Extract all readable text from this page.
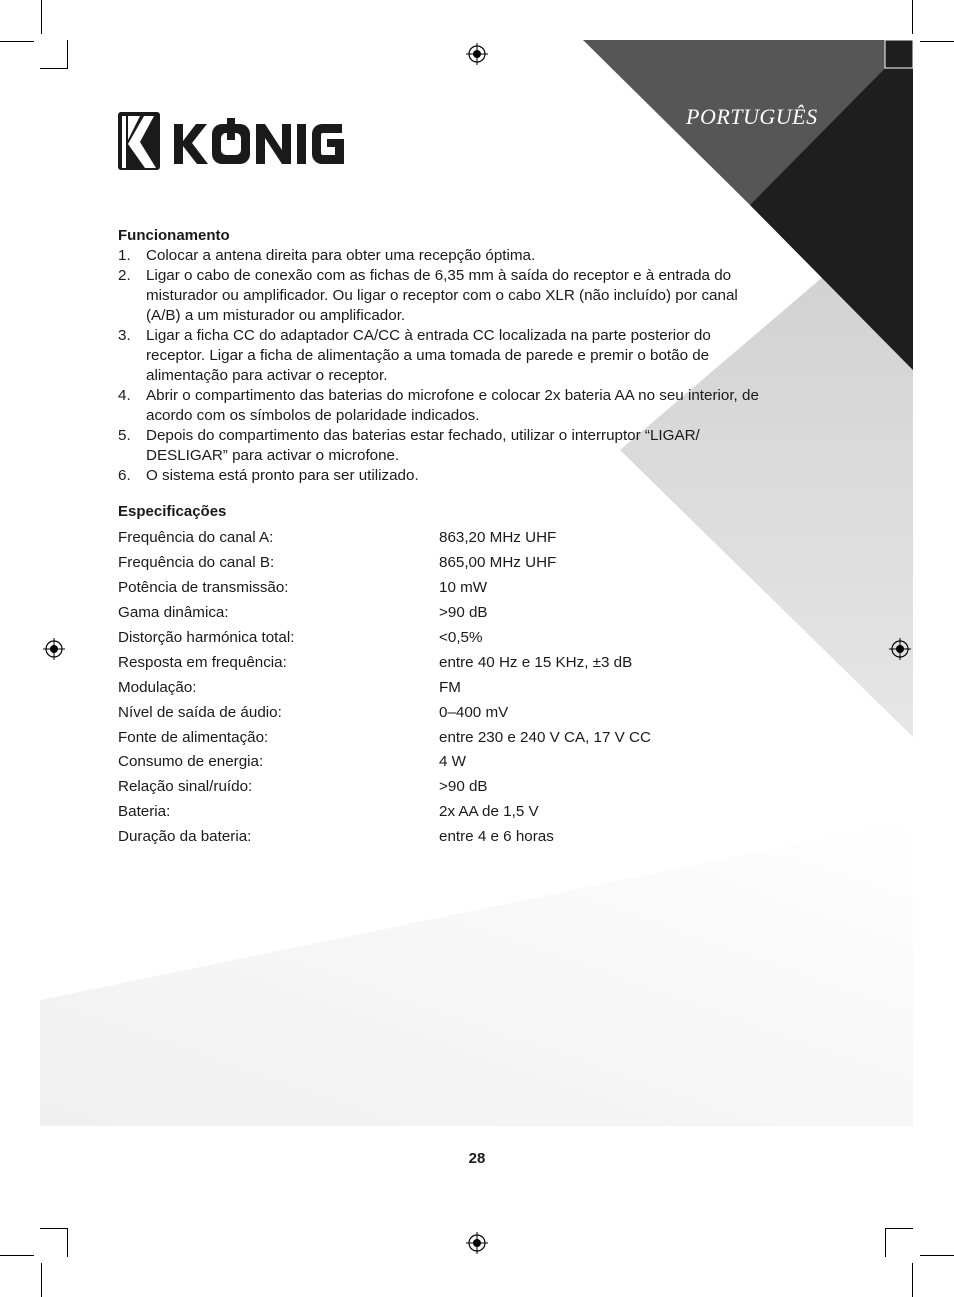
PORTUGUÊS
Funcionamento
1. Colocar a antena direita para obter uma recepção óptima.
2. Ligar o cabo de conexão com as fichas de 6,35 mm à saída do receptor e à entrada do misturador ou amplificador. Ou ligar o receptor com o cabo XLR (não incluído) por canal (A/B) a um misturador ou amplificador.
3. Ligar a ficha CC do adaptador CA/CC à entrada CC localizada na parte posterior do receptor. Ligar a ficha de alimentação a uma tomada de parede e premir o botão de alimentação para activar o receptor.
4. Abrir o compartimento das baterias do microfone e colocar 2x bateria AA no seu interior, de acordo com os símbolos de polaridade indicados.
5. Depois do compartimento das baterias estar fechado, utilizar o interruptor “LIGAR/ DESLIGAR” para activar o microfone.
6. O sistema está pronto para ser utilizado.
Especificações
Frequência do canal A:	863,20 MHz UHF
Frequência do canal B:	865,00 MHz UHF
Potência de transmissão:	10 mW
Gama dinâmica:	>90 dB
Distorção harmónica total:	<0,5%
Resposta em frequência:	entre 40 Hz e 15 KHz, ±3 dB
Modulação:	FM
Nível de saída de áudio:	0–400 mV
Fonte de alimentação:	entre 230 e 240 V CA, 17 V CC
Consumo de energia:	4 W
Relação sinal/ruído:	>90 dB
Bateria:	2x AA de 1,5 V
Duração da bateria:	entre 4 e 6 horas
28
